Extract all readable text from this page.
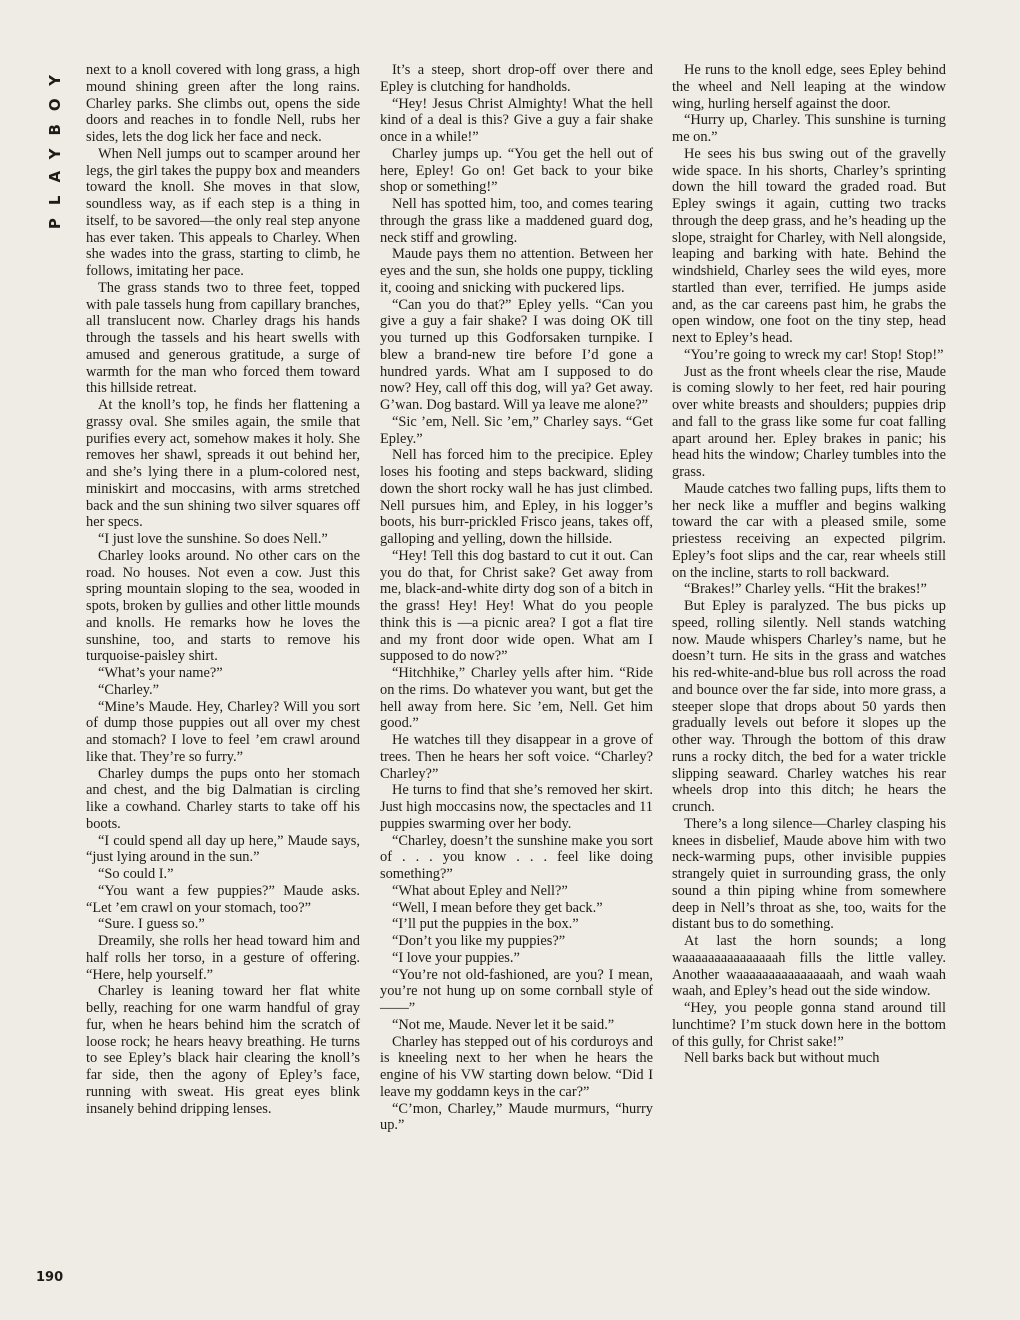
PLAYBOY next to a knoll covered with long grass, a high mound shining green after the long rains. Charley parks. She climbs out, opens the side doors and reaches in to fondle Nell, rubs her sides, lets the dog lick her face and neck.

When Nell jumps out to scamper around her legs, the girl takes the puppy box and meanders toward the knoll. She moves in that slow, soundless way, as if each step is a thing in itself, to be savored—the only real step anyone has ever taken. This appeals to Charley. When she wades into the grass, starting to climb, he follows, imitating her pace.

The grass stands two to three feet, topped with pale tassels hung from capillary branches, all translucent now. Charley drags his hands through the tassels and his heart swells with amused and generous gratitude, a surge of warmth for the man who forced them toward this hillside retreat.

At the knoll’s top, he finds her flattening a grassy oval. She smiles again, the smile that purifies every act, somehow makes it holy. She removes her shawl, spreads it out behind her, and she’s lying there in a plum-colored nest, miniskirt and moccasins, with arms stretched back and the sun shining two silver squares off her specs.

“I just love the sunshine. So does Nell.”

Charley looks around. No other cars on the road. No houses. Not even a cow. Just this spring mountain sloping to the sea, wooded in spots, broken by gullies and other little mounds and knolls. He remarks how he loves the sunshine, too, and starts to remove his turquoise-paisley shirt.

“What’s your name?”

“Charley.”

“Mine’s Maude. Hey, Charley? Will you sort of dump those puppies out all over my chest and stomach? I love to feel ’em crawl around like that. They’re so furry.”

Charley dumps the pups onto her stomach and chest, and the big Dalmatian is circling like a cowhand. Charley starts to take off his boots.

“I could spend all day up here,” Maude says, “just lying around in the sun.”

“So could I.”

“You want a few puppies?” Maude asks. “Let ’em crawl on your stomach, too?”

“Sure. I guess so.”

Dreamily, she rolls her head toward him and half rolls her torso, in a gesture of offering. “Here, help yourself.”

Charley is leaning toward her flat white belly, reaching for one warm handful of gray fur, when he hears behind him the scratch of loose rock; he hears heavy breathing. He turns to see Epley’s black hair clearing the knoll’s far side, then the agony of Epley’s face, running with sweat. His great eyes blink insanely behind dripping lenses.

It’s a steep, short drop-off over there and Epley is clutching for handholds.

“Hey! Jesus Christ Almighty! What the hell kind of a deal is this? Give a guy a fair shake once in a while!”

Charley jumps up. “You get the hell out of here, Epley! Go on! Get back to your bike shop or something!”

Nell has spotted him, too, and comes tearing through the grass like a maddened guard dog, neck stiff and growling.

Maude pays them no attention. Between her eyes and the sun, she holds one puppy, tickling it, cooing and snicking with puckered lips.

“Can you do that?” Epley yells. “Can you give a guy a fair shake? I was doing OK till you turned up this Godforsaken turnpike. I blew a brand-new tire before I’d gone a hundred yards. What am I supposed to do now? Hey, call off this dog, will ya? Get away. G’wan. Dog bastard. Will ya leave me alone?”

“Sic ’em, Nell. Sic ’em,” Charley says. “Get Epley.”

Nell has forced him to the precipice. Epley loses his footing and steps backward, sliding down the short rocky wall he has just climbed. Nell pursues him, and Epley, in his logger’s boots, his burr-prickled Frisco jeans, takes off, galloping and yelling, down the hillside.

“Hey! Tell this dog bastard to cut it out. Can you do that, for Christ sake? Get away from me, black-and-white dirty dog son of a bitch in the grass! Hey! Hey! What do you people think this is —a picnic area? I got a flat tire and my front door wide open. What am I supposed to do now?”

“Hitchhike,” Charley yells after him. “Ride on the rims. Do whatever you want, but get the hell away from here. Sic ’em, Nell. Get him good.”

He watches till they disappear in a grove of trees. Then he hears her soft voice. “Charley? Charley?”

He turns to find that she’s removed her skirt. Just high moccasins now, the spectacles and 11 puppies swarming over her body.

“Charley, doesn’t the sunshine make you sort of . . . you know . . . feel like doing something?”

“What about Epley and Nell?”

“Well, I mean before they get back.”

“I’ll put the puppies in the box.”

“Don’t you like my puppies?”

“I love your puppies.”

“You’re not old-fashioned, are you? I mean, you’re not hung up on some cornball style of——”

“Not me, Maude. Never let it be said.”

Charley has stepped out of his corduroys and is kneeling next to her when he hears the engine of his VW starting down below. “Did I leave my goddamn keys in the car?”

“C’mon, Charley,” Maude murmurs, “hurry up.”

He runs to the knoll edge, sees Epley behind the wheel and Nell leaping at the window wing, hurling herself against the door.

“Hurry up, Charley. This sunshine is turning me on.”

He sees his bus swing out of the gravelly wide space. In his shorts, Charley’s sprinting down the hill toward the graded road. But Epley swings it again, cutting two tracks through the deep grass, and he’s heading up the slope, straight for Charley, with Nell alongside, leaping and barking with hate. Behind the windshield, Charley sees the wild eyes, more startled than ever, terrified. He jumps aside and, as the car careens past him, he grabs the open window, one foot on the tiny step, head next to Epley’s head.

“You’re going to wreck my car! Stop! Stop!”

Just as the front wheels clear the rise, Maude is coming slowly to her feet, red hair pouring over white breasts and shoulders; puppies drip and fall to the grass like some fur coat falling apart around her. Epley brakes in panic; his head hits the window; Charley tumbles into the grass.

Maude catches two falling pups, lifts them to her neck like a muffler and begins walking toward the car with a pleased smile, some priestess receiving an expected pilgrim. Epley’s foot slips and the car, rear wheels still on the incline, starts to roll backward.

“Brakes!” Charley yells. “Hit the brakes!”

But Epley is paralyzed. The bus picks up speed, rolling silently. Nell stands watching now. Maude whispers Charley’s name, but he doesn’t turn. He sits in the grass and watches his red-white-and-blue bus roll across the road and bounce over the far side, into more grass, a steeper slope that drops about 50 yards then gradually levels out before it slopes up the other way. Through the bottom of this draw runs a rocky ditch, the bed for a water trickle slipping seaward. Charley watches his rear wheels drop into this ditch; he hears the crunch.

There’s a long silence—Charley clasping his knees in disbelief, Maude above him with two neck-warming pups, other invisible puppies strangely quiet in surrounding grass, the only sound a thin piping whine from somewhere deep in Nell’s throat as she, too, waits for the distant bus to do something.

At last the horn sounds; a long waaaaaaaaaaaaaaah fills the little valley. Another waaaaaaaaaaaaaaah, and waah waah waah, and Epley’s head out the side window.

“Hey, you people gonna stand around till lunchtime? I’m stuck down here in the bottom of this gully, for Christ sake!”

Nell barks back but without much

190
